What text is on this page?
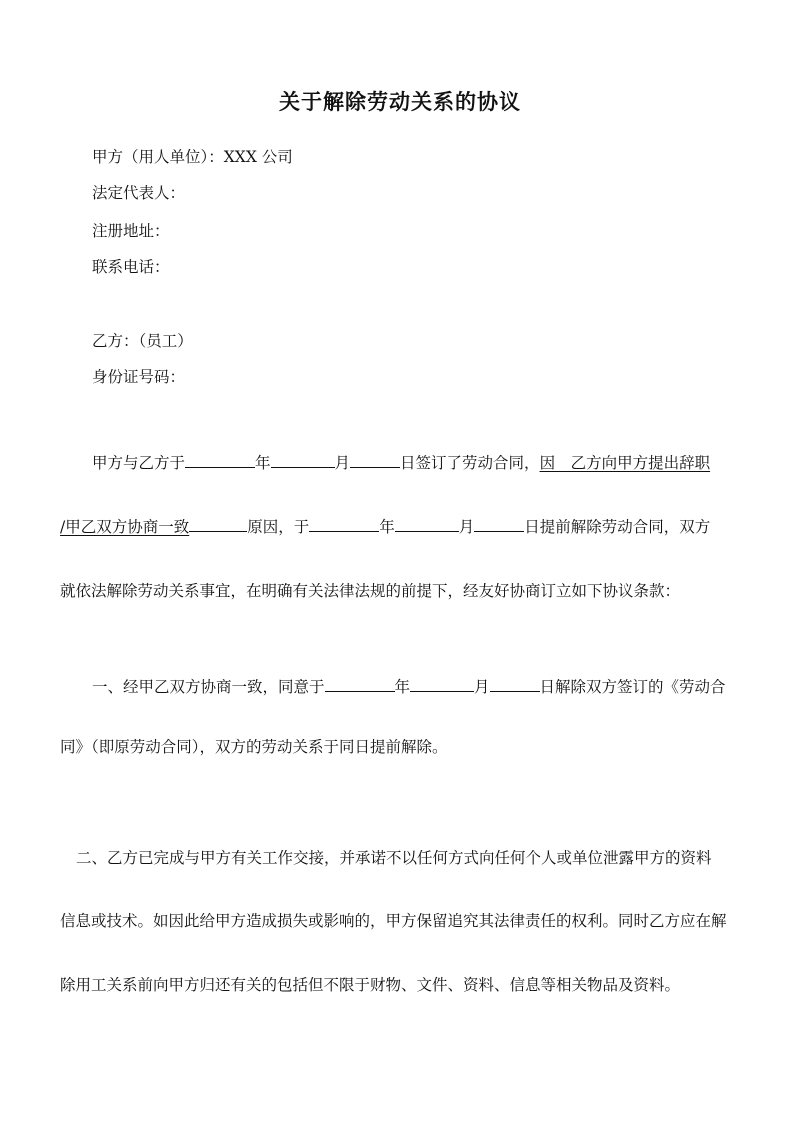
关于解除劳动关系的协议
甲方（用人单位）：XXX 公司
法定代表人：
注册地址：
联系电话：
乙方：（员工）
身份证号码：
甲方与乙方于	年	月	日签订了劳动合同，因　乙方向甲方提出辞职
/甲乙双方协商一致	原因，于	年	月	日提前解除劳动合同，双方
就依法解除劳动关系事宜，在明确有关法律法规的前提下，经友好协商订立如下协议条款：
一、经甲乙双方协商一致，同意于	年	月	日解除双方签订的《劳动合
同》（即原劳动合同），双方的劳动关系于同日提前解除。
二、乙方已完成与甲方有关工作交接，并承诺不以任何方式向任何个人或单位泄露甲方的资料
信息或技术。如因此给甲方造成损失或影响的，甲方保留追究其法律责任的权利。同时乙方应在解
除用工关系前向甲方归还有关的包括但不限于财物、文件、资料、信息等相关物品及资料。
